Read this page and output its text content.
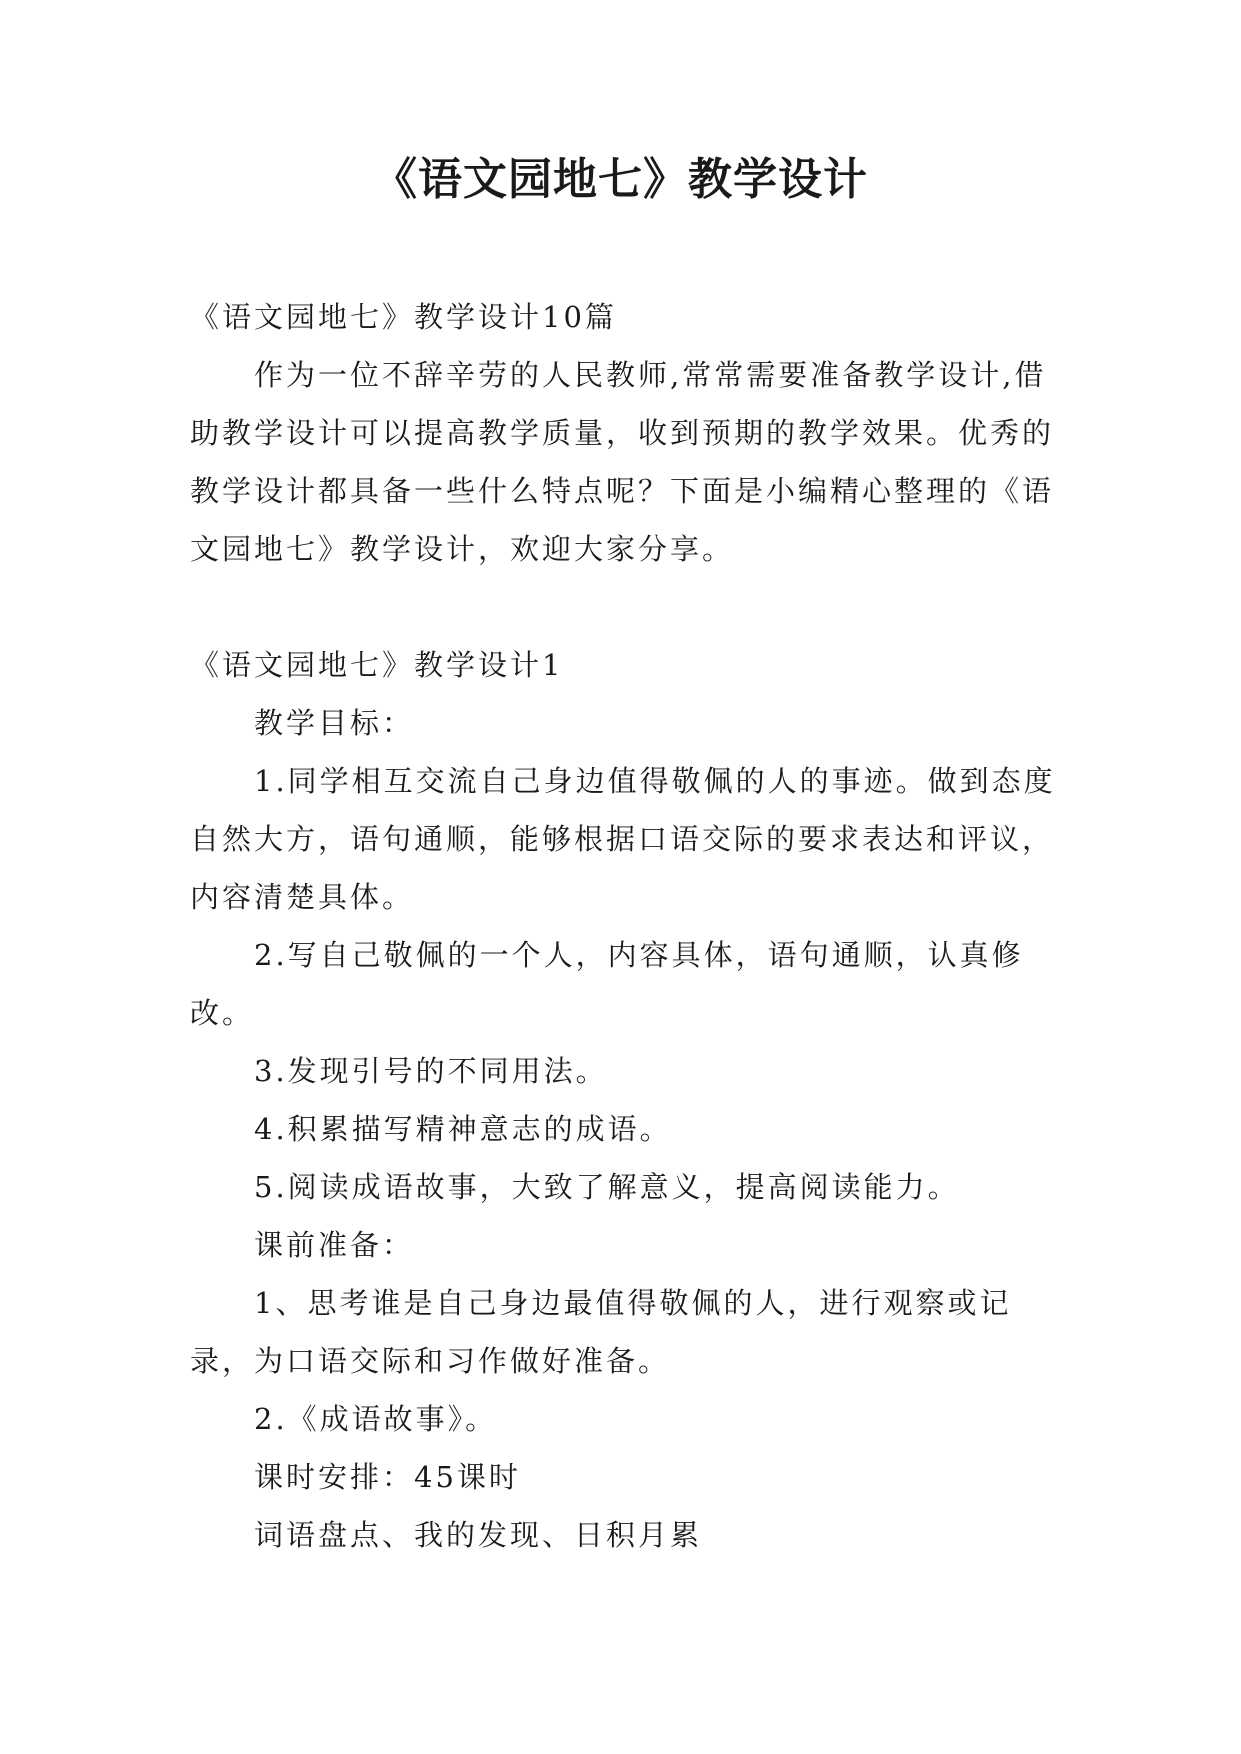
《语文园地七》教学设计

《语文园地七》教学设计10篇

作为一位不辞辛劳的人民教师,常常需要准备教学设计,借助教学设计可以提高教学质量，收到预期的教学效果。优秀的教学设计都具备一些什么特点呢？下面是小编精心整理的《语文园地七》教学设计，欢迎大家分享。

《语文园地七》教学设计1

教学目标：

1.同学相互交流自己身边值得敬佩的人的事迹。做到态度自然大方，语句通顺，能够根据口语交际的要求表达和评议，内容清楚具体。

2.写自己敬佩的一个人，内容具体，语句通顺，认真修改。

3.发现引号的不同用法。

4.积累描写精神意志的成语。

5.阅读成语故事，大致了解意义，提高阅读能力。

课前准备：

1、思考谁是自己身边最值得敬佩的人，进行观察或记录，为口语交际和习作做好准备。

2.《成语故事》。

课时安排：45课时

词语盘点、我的发现、日积月累
